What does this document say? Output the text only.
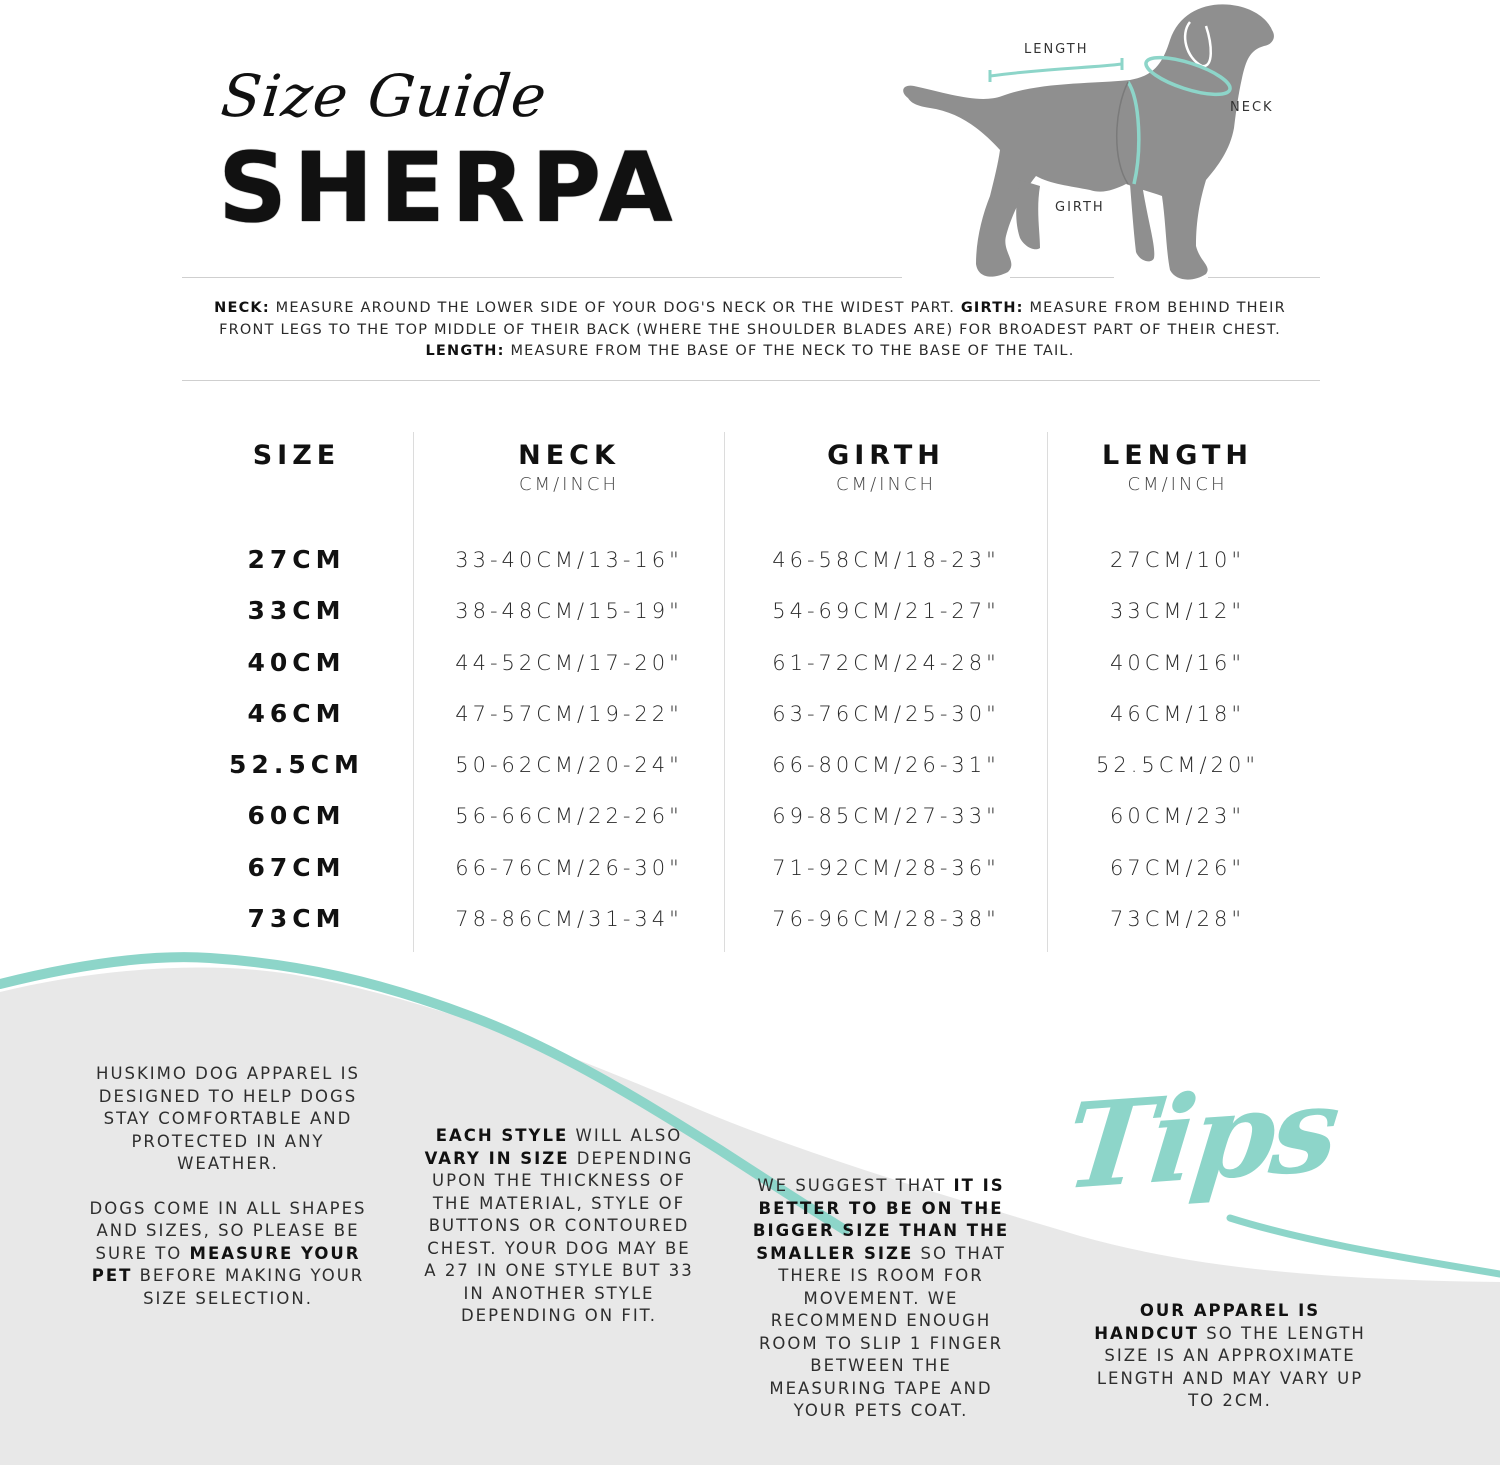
Size Guide
SHERPA
LENGTH
NECK
GIRTH
NECK: MEASURE AROUND THE LOWER SIDE OF YOUR DOG'S NECK OR THE WIDEST PART. GIRTH: MEASURE FROM BEHIND THEIR FRONT LEGS TO THE TOP MIDDLE OF THEIR BACK (WHERE THE SHOULDER BLADES ARE) FOR BROADEST PART OF THEIR CHEST.
LENGTH: MEASURE FROM THE BASE OF THE NECK TO THE BASE OF THE TAIL.
SIZE
27CM
33CM
40CM
46CM
52.5CM
60CM
67CM
73CM
NECK
CM/INCH
33-40CM/13-16"
38-48CM/15-19"
44-52CM/17-20"
47-57CM/19-22"
50-62CM/20-24"
56-66CM/22-26"
66-76CM/26-30"
78-86CM/31-34"
GIRTH
CM/INCH
46-58CM/18-23"
54-69CM/21-27"
61-72CM/24-28"
63-76CM/25-30"
66-80CM/26-31"
69-85CM/27-33"
71-92CM/28-36"
76-96CM/28-38"
LENGTH
CM/INCH
27CM/10"
33CM/12"
40CM/16"
46CM/18"
52.5CM/20"
60CM/23"
67CM/26"
73CM/28"
Tips

HUSKIMO DOG APPAREL IS DESIGNED TO HELP DOGS STAY COMFORTABLE AND PROTECTED IN ANY WEATHER.

DOGS COME IN ALL SHAPES AND SIZES, SO PLEASE BE SURE TO MEASURE YOUR PET BEFORE MAKING YOUR SIZE SELECTION.

EACH STYLE WILL ALSO VARY IN SIZE DEPENDING UPON THE THICKNESS OF THE MATERIAL, STYLE OF BUTTONS OR CONTOURED CHEST. YOUR DOG MAY BE A 27 IN ONE STYLE BUT 33 IN ANOTHER STYLE DEPENDING ON FIT.
WE SUGGEST THAT IT IS BETTER TO BE ON THE BIGGER SIZE THAN THE SMALLER SIZE SO THAT THERE IS ROOM FOR MOVEMENT. WE RECOMMEND ENOUGH ROOM TO SLIP 1 FINGER BETWEEN THE MEASURING TAPE AND YOUR PETS COAT.
OUR APPAREL IS HANDCUT SO THE LENGTH SIZE IS AN APPROXIMATE LENGTH AND MAY VARY UP TO 2CM.
